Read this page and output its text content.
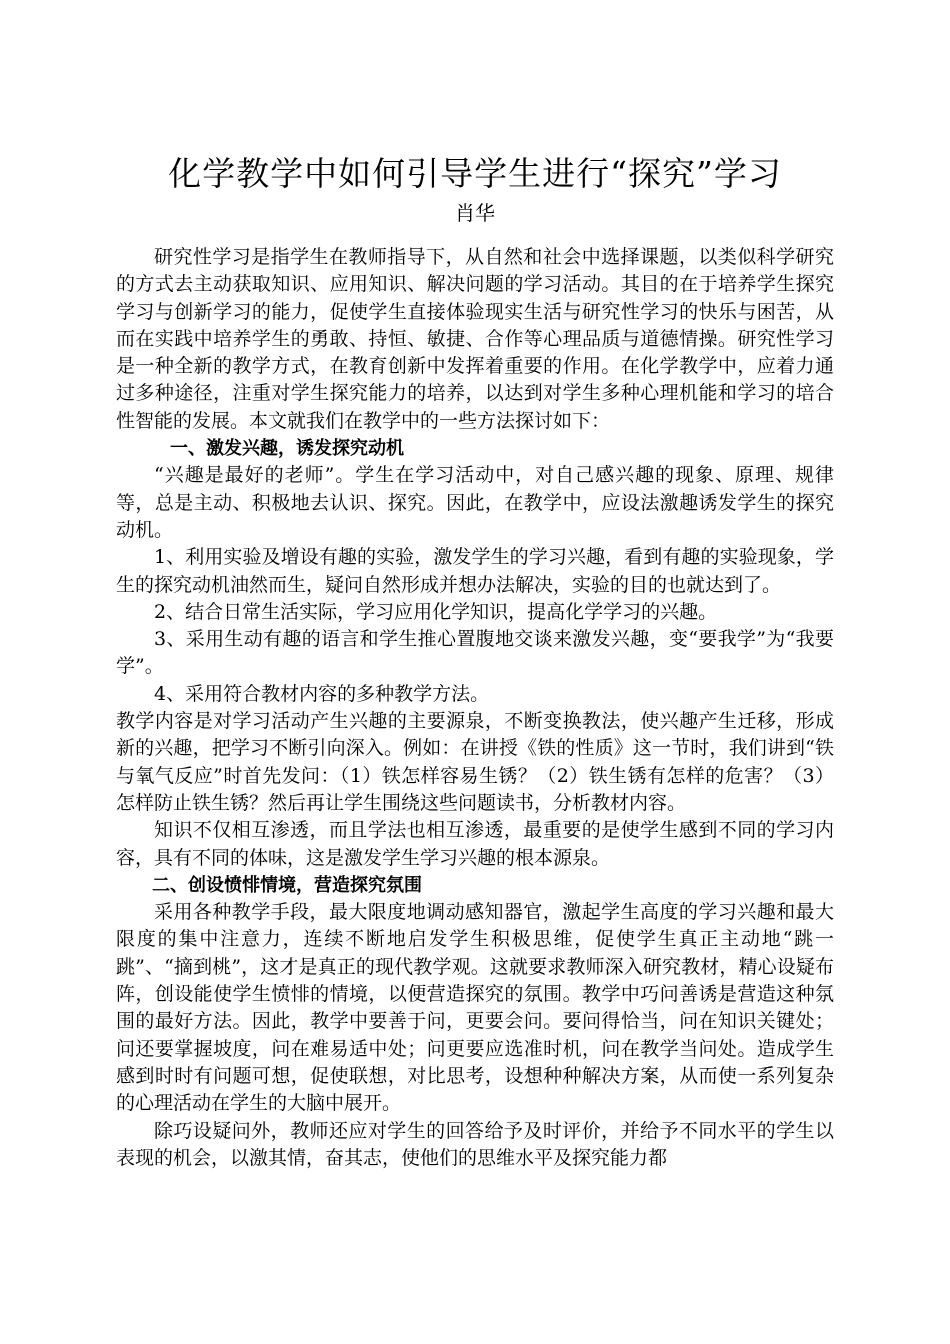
化学教学中如何引导学生进行“探究”学习
肖华

研究性学习是指学生在教师指导下，从自然和社会中选择课题，以类似科学研究的方式去主动获取知识、应用知识、解决问题的学习活动。其目的在于培养学生探究学习与创新学习的能力，促使学生直接体验现实生活与研究性学习的快乐与困苦，从而在实践中培养学生的勇敢、持恒、敏捷、合作等心理品质与道德情操。研究性学习是一种全新的教学方式，在教育创新中发挥着重要的作用。在化学教学中，应着力通过多种途径，注重对学生探究能力的培养，以达到对学生多种心理机能和学习的培合性智能的发展。本文就我们在教学中的一些方法探讨如下：

一、激发兴趣，诱发探究动机

“兴趣是最好的老师”。学生在学习活动中，对自己感兴趣的现象、原理、规律等，总是主动、积极地去认识、探究。因此，在教学中，应设法激趣诱发学生的探究动机。

1、利用实验及增设有趣的实验，激发学生的学习兴趣，看到有趣的实验现象，学生的探究动机油然而生，疑问自然形成并想办法解决，实验的目的也就达到了。

2、结合日常生活实际，学习应用化学知识，提高化学学习的兴趣。

3、采用生动有趣的语言和学生推心置腹地交谈来激发兴趣，变“要我学”为“我要学”。

4、采用符合教材内容的多种教学方法。

教学内容是对学习活动产生兴趣的主要源泉，不断变换教法，使兴趣产生迁移，形成新的兴趣，把学习不断引向深入。例如：在讲授《铁的性质》这一节时，我们讲到“铁与氧气反应”时首先发问：（1）铁怎样容易生锈？（2）铁生锈有怎样的危害？（3）怎样防止铁生锈？然后再让学生围绕这些问题读书，分析教材内容。

知识不仅相互渗透，而且学法也相互渗透，最重要的是使学生感到不同的学习内容，具有不同的体味，这是激发学生学习兴趣的根本源泉。

二、创设愤悱情境，营造探究氛围

采用各种教学手段，最大限度地调动感知器官，激起学生高度的学习兴趣和最大限度的集中注意力，连续不断地启发学生积极思维，促使学生真正主动地“跳一跳”、“摘到桃”，这才是真正的现代教学观。这就要求教师深入研究教材，精心设疑布阵，创设能使学生愤悱的情境，以便营造探究的氛围。教学中巧问善诱是营造这种氛围的最好方法。因此，教学中要善于问，更要会问。要问得恰当，问在知识关键处；问还要掌握坡度，问在难易适中处；问更要应选准时机，问在教学当问处。造成学生感到时时有问题可想，促使联想，对比思考，设想种种解决方案，从而使一系列复杂的心理活动在学生的大脑中展开。

除巧设疑问外，教师还应对学生的回答给予及时评价，并给予不同水平的学生以表现的机会，以激其情，奋其志，使他们的思维水平及探究能力都
